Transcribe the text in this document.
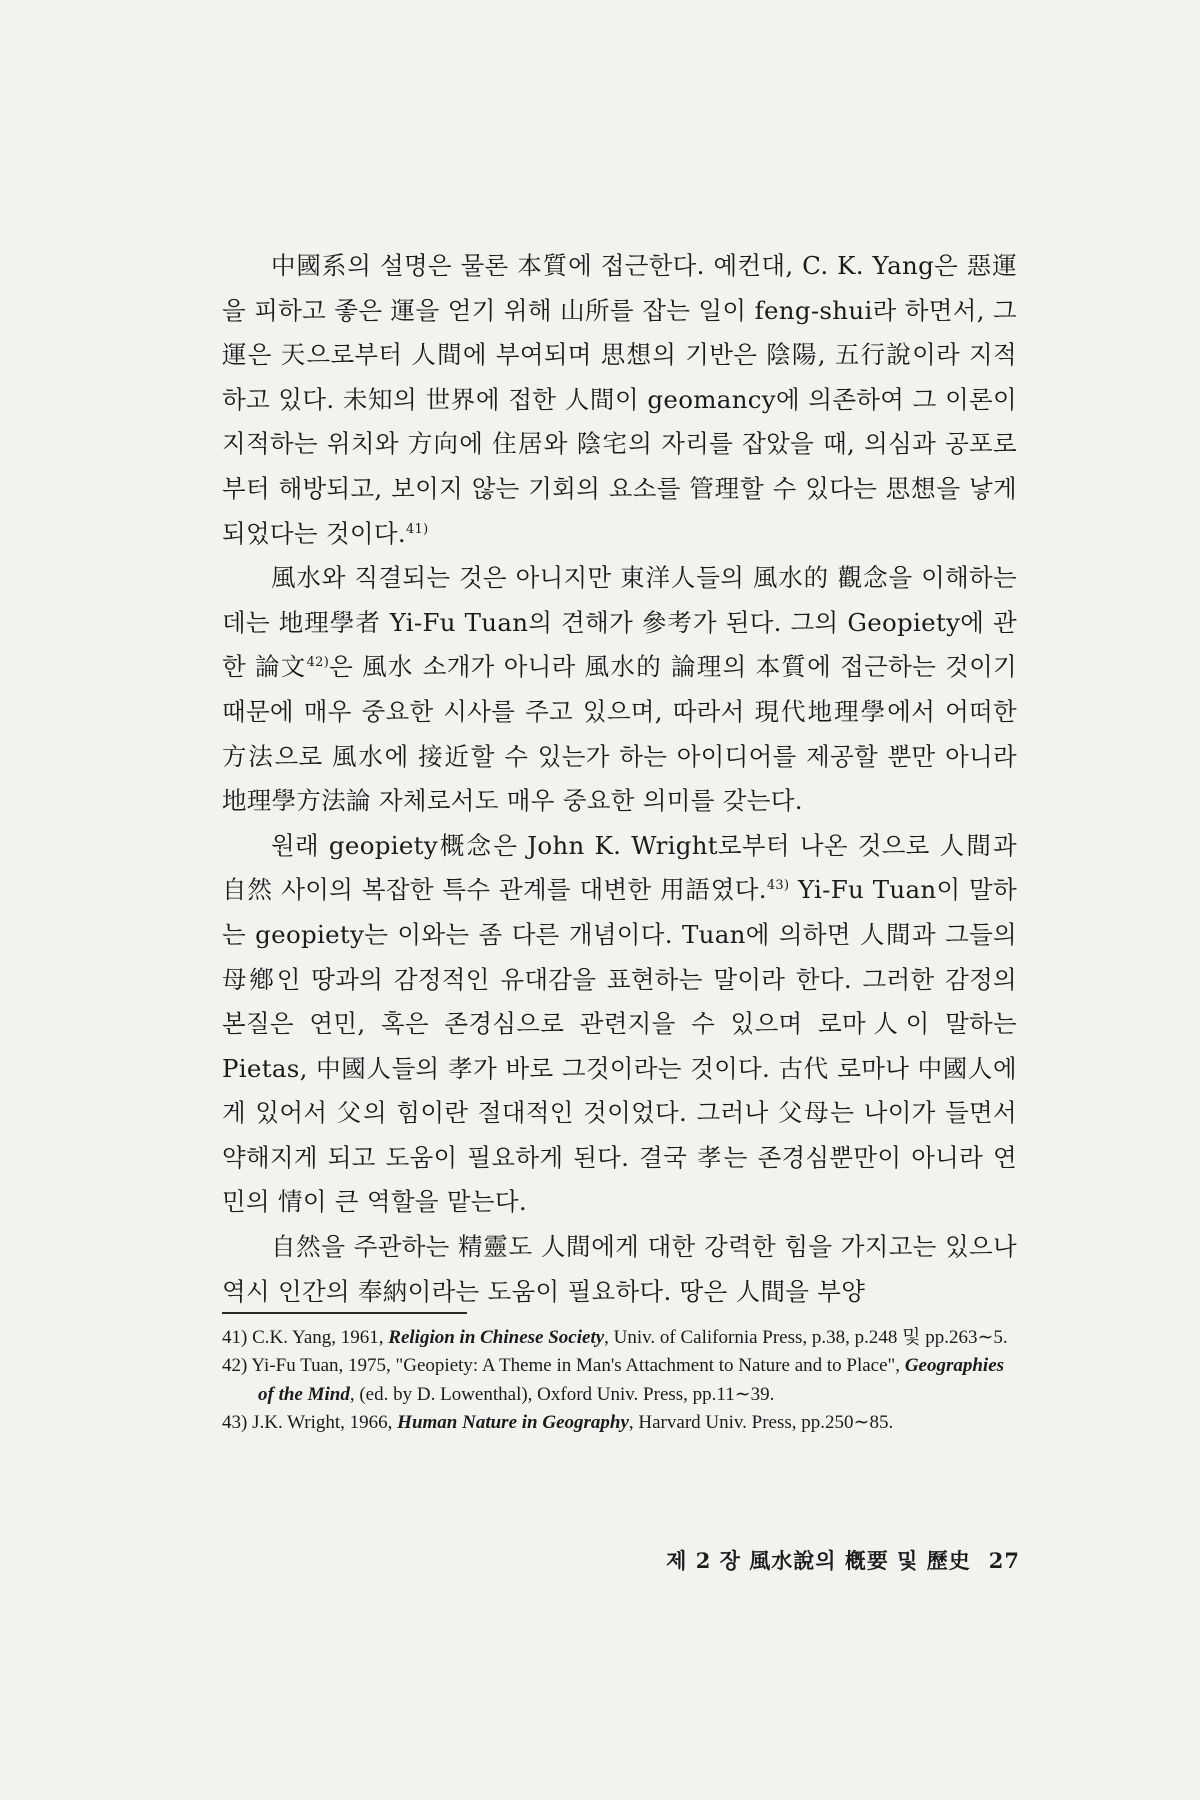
中國系의 설명은 물론 本質에 접근한다. 예컨대, C. K. Yang은 惡運을 피하고 좋은 運을 얻기 위해 山所를 잡는 일이 feng-shui라 하면서, 그 運은 天으로부터 人間에 부여되며 思想의 기반은 陰陽, 五行說이라 지적하고 있다. 未知의 世界에 접한 人間이 geomancy에 의존하여 그 이론이 지적하는 위치와 方向에 住居와 陰宅의 자리를 잡았을 때, 의심과 공포로부터 해방되고, 보이지 않는 기회의 요소를 管理할 수 있다는 思想을 낳게 되었다는 것이다.$^{41)}$

風水와 직결되는 것은 아니지만 東洋人들의 風水的 觀念을 이해하는 데는 地理學者 Yi-Fu Tuan의 견해가 參考가 된다. 그의 Geopiety에 관한 論文$^{42)}$은 風水 소개가 아니라 風水的 論理의 本質에 접근하는 것이기 때문에 매우 중요한 시사를 주고 있으며, 따라서 現代地理學에서 어떠한 方法으로 風水에 接近할 수 있는가 하는 아이디어를 제공할 뿐만 아니라 地理學方法論 자체로서도 매우 중요한 의미를 갖는다.

원래 geopiety概念은 John K. Wright로부터 나온 것으로 人間과 自然 사이의 복잡한 특수 관계를 대변한 用語였다.$^{43)}$ Yi-Fu Tuan이 말하는 geopiety는 이와는 좀 다른 개념이다. Tuan에 의하면 人間과 그들의 母鄕인 땅과의 감정적인 유대감을 표현하는 말이라 한다. 그러한 감정의 본질은 연민, 혹은 존경심으로 관련지을 수 있으며 로마人이 말하는 Pietas, 中國人들의 孝가 바로 그것이라는 것이다. 古代 로마나 中國人에게 있어서 父의 힘이란 절대적인 것이었다. 그러나 父母는 나이가 들면서 약해지게 되고 도움이 필요하게 된다. 결국 孝는 존경심뿐만이 아니라 연민의 情이 큰 역할을 맡는다.

自然을 주관하는 精靈도 人間에게 대한 강력한 힘을 가지고는 있으나 역시 인간의 奉納이라는 도움이 필요하다. 땅은 人間을 부양

41) C.K. Yang, 1961, Religion in Chinese Society, Univ. of California Press, p.38, p.248 및 pp.263∼5.

42) Yi-Fu Tuan, 1975, "Geopiety: A Theme in Man's Attachment to Nature and to Place", Geographies of the Mind, (ed. by D. Lowenthal), Oxford Univ. Press, pp.11∼39.

43) J.K. Wright, 1966, Human Nature in Geography, Harvard Univ. Press, pp.250∼85.

제 2 장 風水說의 槪要 및 歷史 27
